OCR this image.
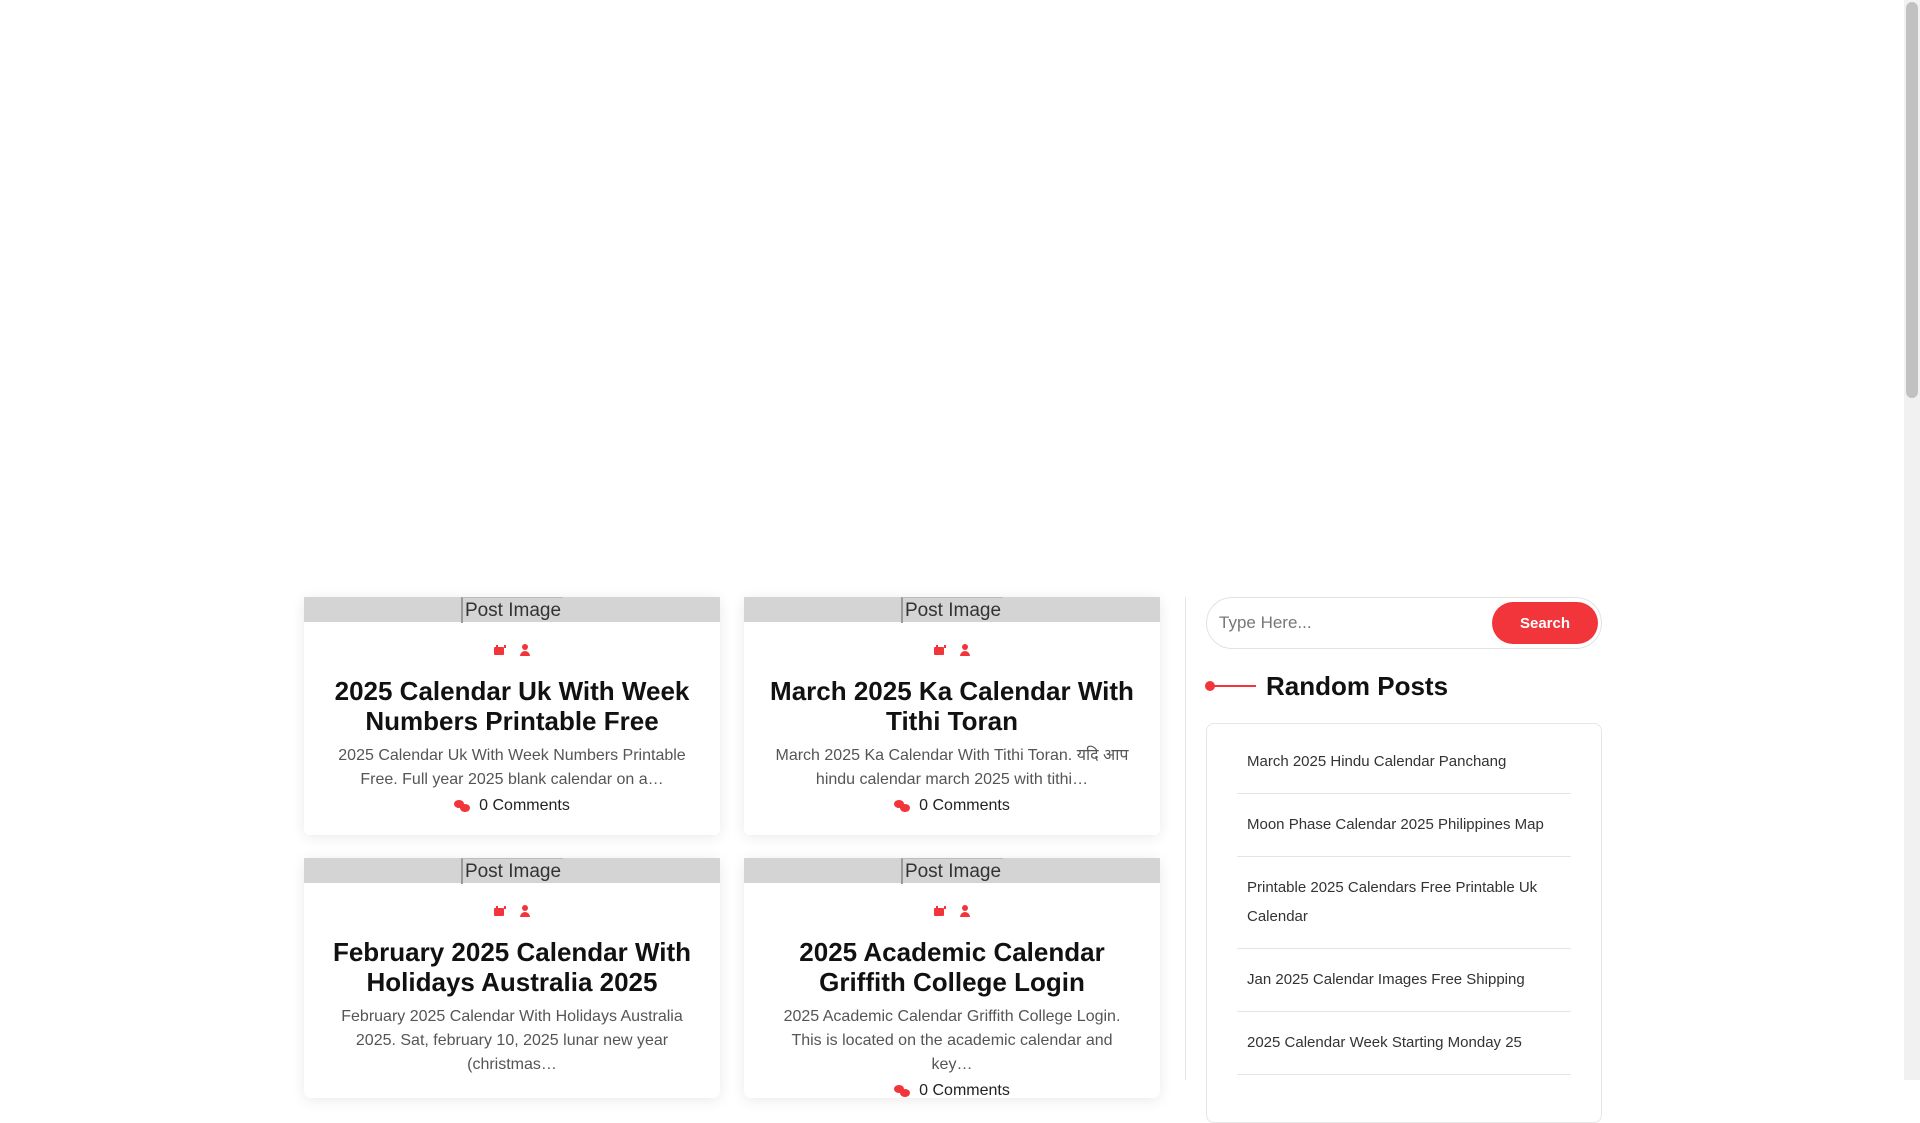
Post Image
2025 Calendar Uk With Week Numbers Printable Free

2025 Calendar Uk With Week Numbers Printable Free. Full year 2025 blank calendar on a…

0 Comments
Post Image
March 2025 Ka Calendar With Tithi Toran

March 2025 Ka Calendar With Tithi Toran. यदि आप hindu calendar march 2025 with tithi…

0 Comments
Post Image
February 2025 Calendar With Holidays Australia 2025

February 2025 Calendar With Holidays Australia 2025. Sat, february 10, 2025 lunar new year (christmas…

Post Image
2025 Academic Calendar Griffith College Login

2025 Academic Calendar Griffith College Login. This is located on the academic calendar and key…

0 Comments
Type Here...
Search
Random Posts
March 2025 Hindu Calendar Panchang
Moon Phase Calendar 2025 Philippines Map
Printable 2025 Calendars Free Printable Uk Calendar
Jan 2025 Calendar Images Free Shipping
2025 Calendar Week Starting Monday 25
